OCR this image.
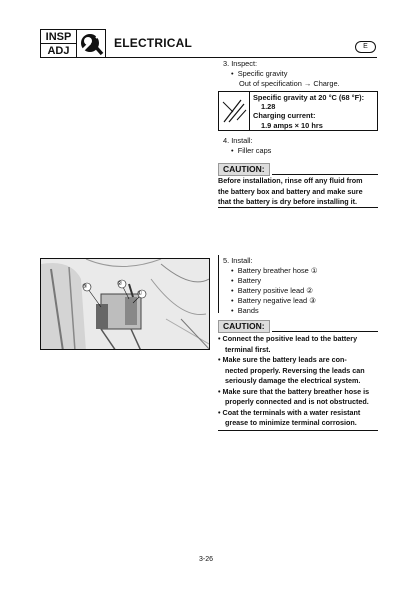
INSP
ADJ
ELECTRICAL	E
3. Inspect:
•  Specific gravity
Out of specification → Charge.
Specific gravity at 20 °C (68 °F):
1.28
Charging current:
1.9 amps × 10 hrs
4. Install:
•  Filler caps
CAUTION:
Before installation, rinse off any fluid from
the battery box and battery and make sure
that the battery is dry before installing it.
③	②
①
5. Install:
•  Battery breather hose ①
•  Battery
•  Battery positive lead ②
•  Battery negative lead ③
•  Bands
CAUTION:
• Connect the positive lead to the battery
terminal first.
• Make sure the battery leads are con-
nected properly. Reversing the leads can
seriously damage the electrical system.
• Make sure that the battery breather hose is
properly connected and is not obstructed.
• Coat the terminals with a water resistant
grease to minimize terminal corrosion.
3-26
